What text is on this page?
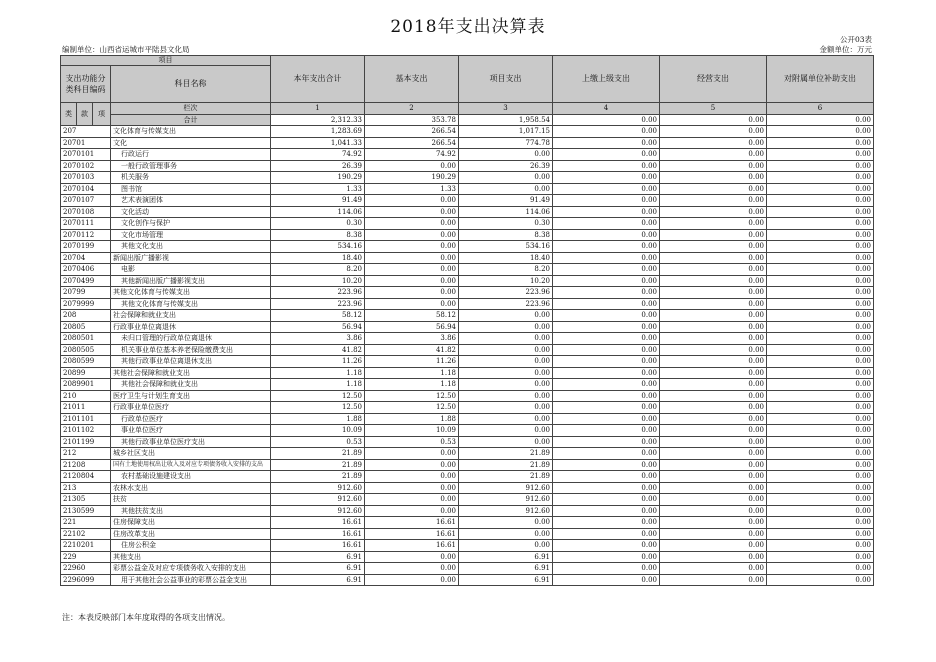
2018年支出决算表
公开03表
编制单位：山西省运城市平陆县文化局	金额单位：万元
项目				本年支出合计	基本支出	项目支出	上缴上级支出	经营支出	对附属单位补助支出
支出功能分类科目编码			科目名称						

类	款	项	栏次	1	2	3	4	5	6
			合计	2,312.33	353.78	1,958.54	0.00	0.00	0.00
207			文化体育与传媒支出	1,283.69	266.54	1,017.15	0.00	0.00	0.00
20701			文化	1,041.33	266.54	774.78	0.00	0.00	0.00
2070101			行政运行	74.92	74.92	0.00	0.00	0.00	0.00
2070102			一般行政管理事务	26.39	0.00	26.39	0.00	0.00	0.00
2070103			机关服务	190.29	190.29	0.00	0.00	0.00	0.00
2070104			图书馆	1.33	1.33	0.00	0.00	0.00	0.00
2070107			艺术表演团体	91.49	0.00	91.49	0.00	0.00	0.00
2070108			文化活动	114.06	0.00	114.06	0.00	0.00	0.00
2070111			文化创作与保护	0.30	0.00	0.30	0.00	0.00	0.00
2070112			文化市场管理	8.38	0.00	8.38	0.00	0.00	0.00
2070199			其他文化支出	534.16	0.00	534.16	0.00	0.00	0.00
20704			新闻出版广播影视	18.40	0.00	18.40	0.00	0.00	0.00
2070406			电影	8.20	0.00	8.20	0.00	0.00	0.00
2070499			其他新闻出版广播影视支出	10.20	0.00	10.20	0.00	0.00	0.00
20799			其他文化体育与传媒支出	223.96	0.00	223.96	0.00	0.00	0.00
2079999			其他文化体育与传媒支出	223.96	0.00	223.96	0.00	0.00	0.00
208			社会保障和就业支出	58.12	58.12	0.00	0.00	0.00	0.00
20805			行政事业单位离退休	56.94	56.94	0.00	0.00	0.00	0.00
2080501			未归口管理的行政单位离退休	3.86	3.86	0.00	0.00	0.00	0.00
2080505			机关事业单位基本养老保险缴费支出	41.82	41.82	0.00	0.00	0.00	0.00
2080599			其他行政事业单位离退休支出	11.26	11.26	0.00	0.00	0.00	0.00
20899			其他社会保障和就业支出	1.18	1.18	0.00	0.00	0.00	0.00
2089901			其他社会保障和就业支出	1.18	1.18	0.00	0.00	0.00	0.00
210			医疗卫生与计划生育支出	12.50	12.50	0.00	0.00	0.00	0.00
21011			行政事业单位医疗	12.50	12.50	0.00	0.00	0.00	0.00
2101101			行政单位医疗	1.88	1.88	0.00	0.00	0.00	0.00
2101102			事业单位医疗	10.09	10.09	0.00	0.00	0.00	0.00
2101199			其他行政事业单位医疗支出	0.53	0.53	0.00	0.00	0.00	0.00
212			城乡社区支出	21.89	0.00	21.89	0.00	0.00	0.00
21208			国有土地使用权出让收入及对应专项债务收入安排的支出	21.89	0.00	21.89	0.00	0.00	0.00
2120804			农村基础设施建设支出	21.89	0.00	21.89	0.00	0.00	0.00
213			农林水支出	912.60	0.00	912.60	0.00	0.00	0.00
21305			扶贫	912.60	0.00	912.60	0.00	0.00	0.00
2130599			其他扶贫支出	912.60	0.00	912.60	0.00	0.00	0.00
221			住房保障支出	16.61	16.61	0.00	0.00	0.00	0.00
22102			住房改革支出	16.61	16.61	0.00	0.00	0.00	0.00
2210201			住房公积金	16.61	16.61	0.00	0.00	0.00	0.00
229			其他支出	6.91	0.00	6.91	0.00	0.00	0.00
22960			彩票公益金及对应专项债务收入安排的支出	6.91	0.00	6.91	0.00	0.00	0.00
2296099			用于其他社会公益事业的彩票公益金支出	6.91	0.00	6.91	0.00	0.00	0.00
注：本表反映部门本年度取得的各项支出情况。
